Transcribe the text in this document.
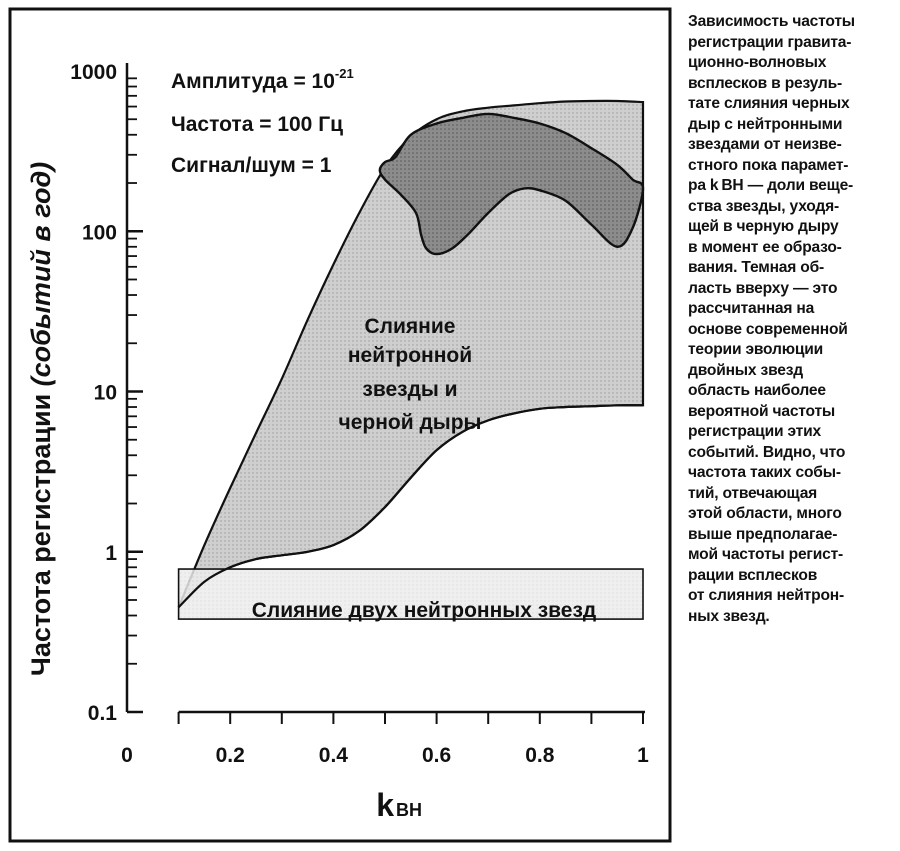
1000
100
10
1
0.1
0	0.2	0.4	0.6	0.8	1
Амплитуда = $10^{-21}$
Частота = 100 Гц
Сигнал/шум = 1
Слияние
нейтронной
звезды и
черной дыры
Слияние двух нейтронных звезд
k ВН
Частота регистрации (событий в год)
Зависимость частоты
регистрации гравита-
ционно-волновых
всплесков в резуль-
тате слияния черных
дыр с нейтронными
звездами от неизве-
стного пока парамет-
ра k ВН — доли веще-
ства звезды, уходя-
щей в черную дыру
в момент ее образо-
вания. Темная об-
ласть вверху — это
рассчитанная на
основе современной
теории эволюции
двойных звезд
область наиболее
вероятной частоты
регистрации этих
событий. Видно, что
частота таких собы-
тий, отвечающая
этой области, много
выше предполагае-
мой частоты регист-
рации всплесков
от слияния нейтрон-
ных звезд.
